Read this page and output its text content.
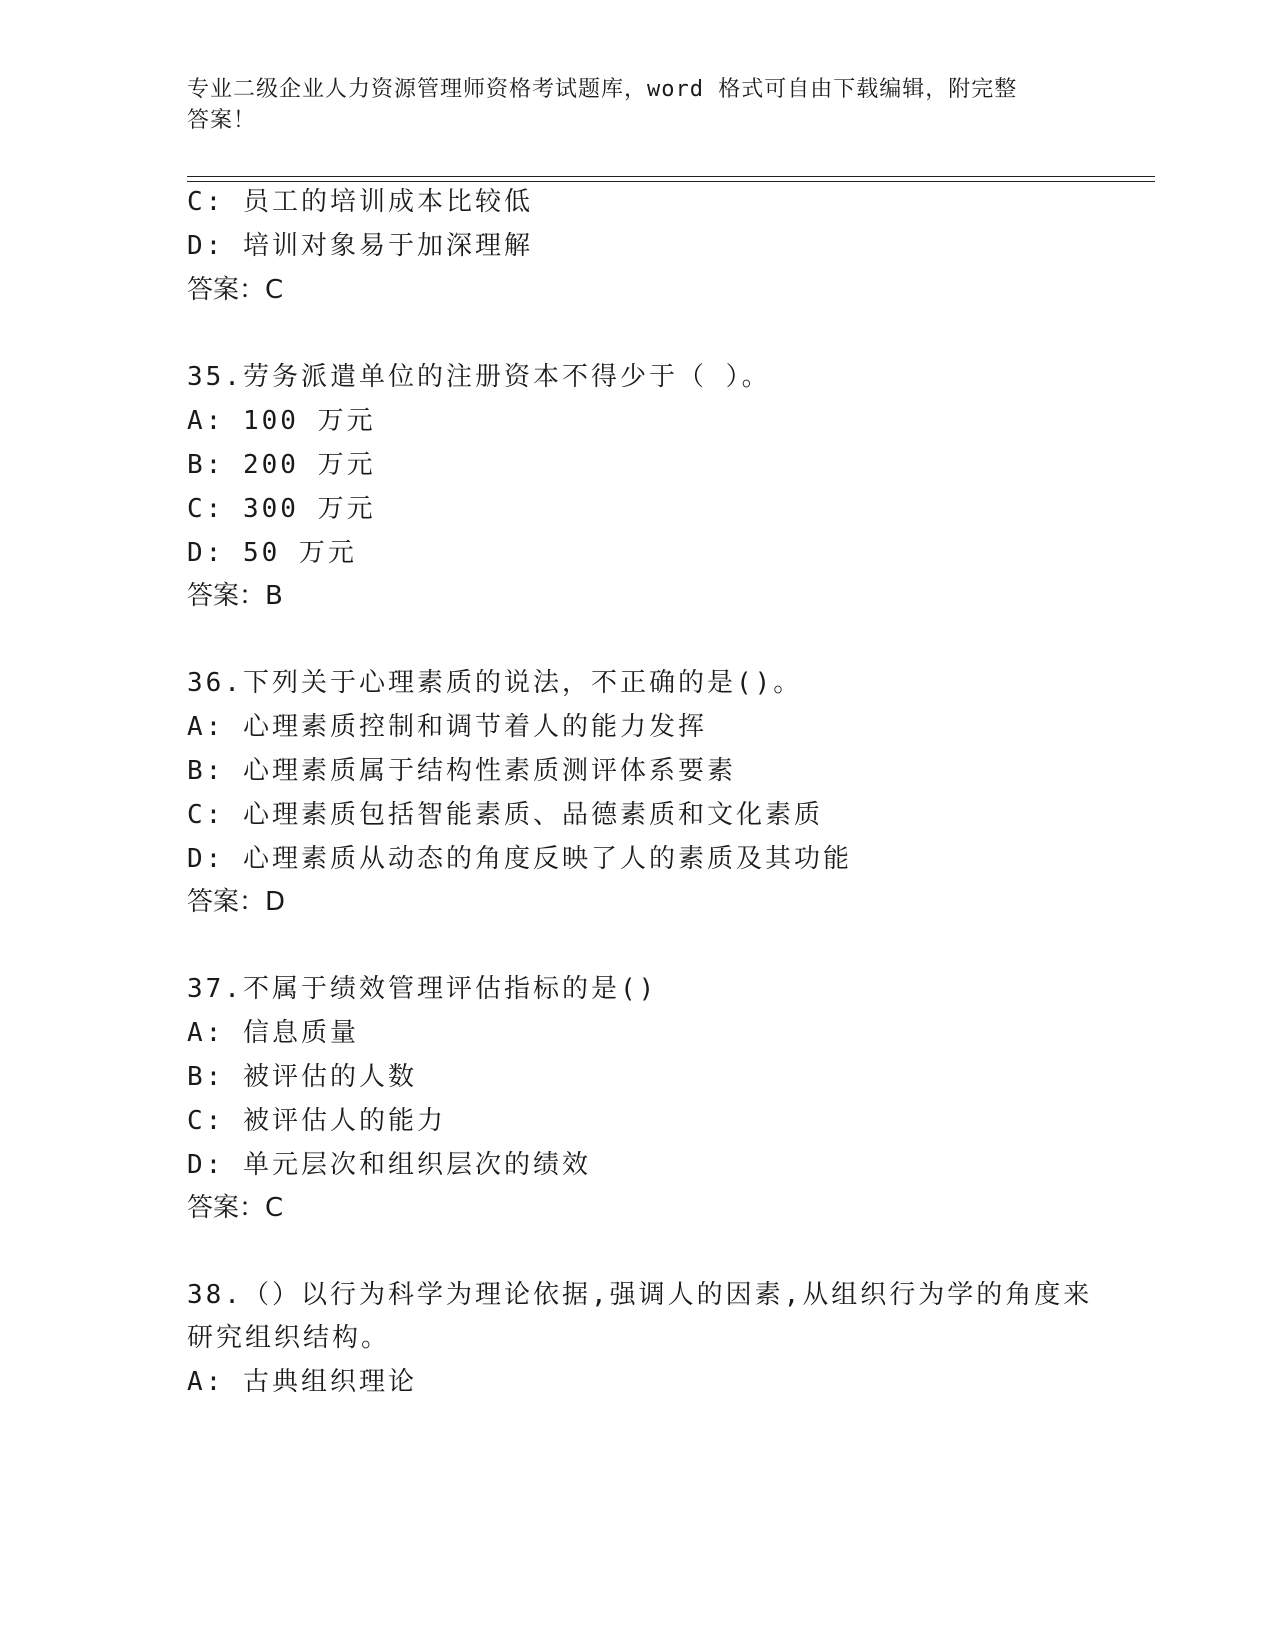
专业二级企业人力资源管理师资格考试题库，word 格式可自由下载编辑，附完整
答案！
C: 员工的培训成本比较低
D: 培训对象易于加深理解
答案：C
35.劳务派遣单位的注册资本不得少于（ ）。
A: 100 万元
B: 200 万元
C: 300 万元
D: 50 万元
答案：B
36.下列关于心理素质的说法，不正确的是()。
A: 心理素质控制和调节着人的能力发挥
B: 心理素质属于结构性素质测评体系要素
C: 心理素质包括智能素质、品德素质和文化素质
D: 心理素质从动态的角度反映了人的素质及其功能
答案：D
37.不属于绩效管理评估指标的是()
A: 信息质量
B: 被评估的人数
C: 被评估人的能力
D: 单元层次和组织层次的绩效
答案：C
38.（）以行为科学为理论依据,强调人的因素,从组织行为学的角度来
研究组织结构。
A: 古典组织理论
